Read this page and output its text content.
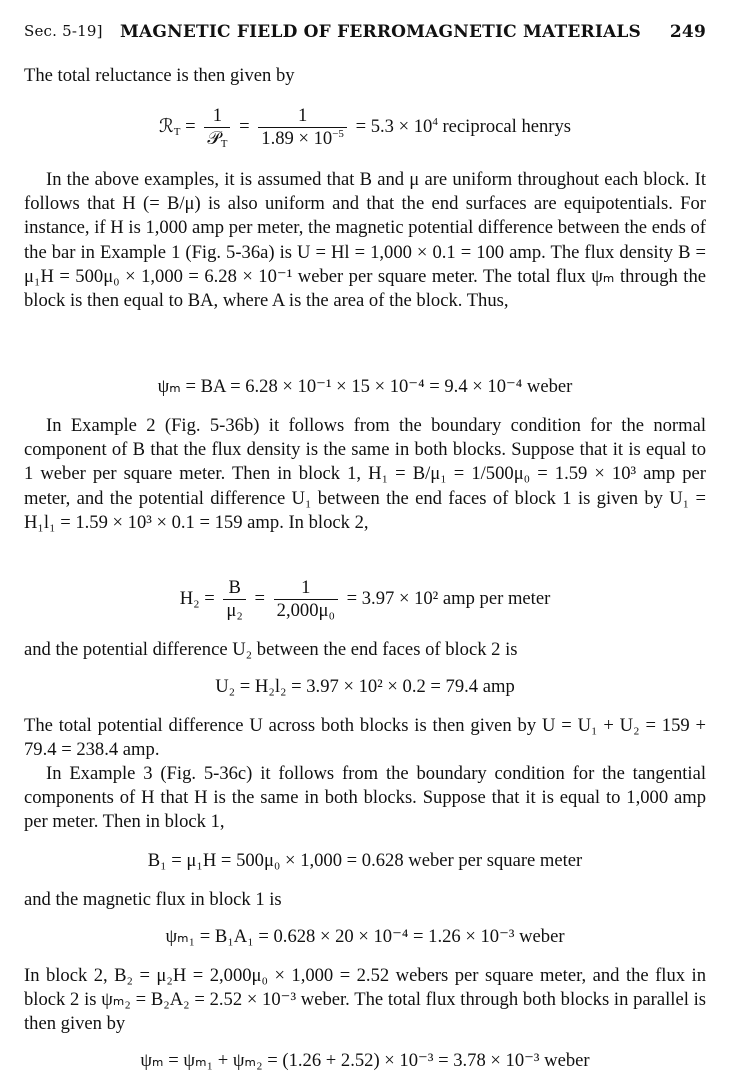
Sec. 5-19] MAGNETIC FIELD OF FERROMAGNETIC MATERIALS 249
The total reluctance is then given by
ℛ$_T$ = $\frac{1}{𝒫_T} = \frac{1}{1.89 \times 10^{-5}} = 5.3 \times 10^4$ reciprocal henrys
In the above examples, it is assumed that B and μ are uniform throughout each block. It follows that H (= B/μ) is also uniform and that the end surfaces are equipotentials. For instance, if H is 1,000 amp per meter, the magnetic potential difference between the ends of the bar in Example 1 (Fig. 5-36a) is U = Hl = 1,000 × 0.1 = 100 amp. The flux density B = μ₁H = 500μ₀ × 1,000 = 6.28 × 10⁻¹ weber per square meter. The total flux ψₘ through the block is then equal to BA, where A is the area of the block. Thus,
ψₘ = BA = 6.28 × 10⁻¹ × 15 × 10⁻⁴ = 9.4 × 10⁻⁴ weber
In Example 2 (Fig. 5-36b) it follows from the boundary condition for the normal component of B that the flux density is the same in both blocks. Suppose that it is equal to 1 weber per square meter. Then in block 1, H₁ = B/μ₁ = 1/500μ₀ = 1.59 × 10³ amp per meter, and the potential difference U₁ between the end faces of block 1 is given by U₁ = H₁l₁ = 1.59 × 10³ × 0.1 = 159 amp. In block 2,
$H_2 = \frac{B}{\text{μ₂}} = \frac{1}{\text{2,000μ₀}} = 3.97 \times 10^2$ amp per meter
and the potential difference U₂ between the end faces of block 2 is
U₂ = H₂l₂ = 3.97 × 10² × 0.2 = 79.4 amp
The total potential difference U across both blocks is then given by U = U₁ + U₂ = 159 + 79.4 = 238.4 amp.
In Example 3 (Fig. 5-36c) it follows from the boundary condition for the tangential components of H that H is the same in both blocks. Suppose that it is equal to 1,000 amp per meter. Then in block 1,
B₁ = μ₁H = 500μ₀ × 1,000 = 0.628 weber per square meter
and the magnetic flux in block 1 is
ψₘ₁ = B₁A₁ = 0.628 × 20 × 10⁻⁴ = 1.26 × 10⁻³ weber
In block 2, B₂ = μ₂H = 2,000μ₀ × 1,000 = 2.52 webers per square meter, and the flux in block 2 is ψₘ₂ = B₂A₂ = 2.52 × 10⁻³ weber. The total flux through both blocks in parallel is then given by
ψₘ = ψₘ₁ + ψₘ₂ = (1.26 + 2.52) × 10⁻³ = 3.78 × 10⁻³ weber
